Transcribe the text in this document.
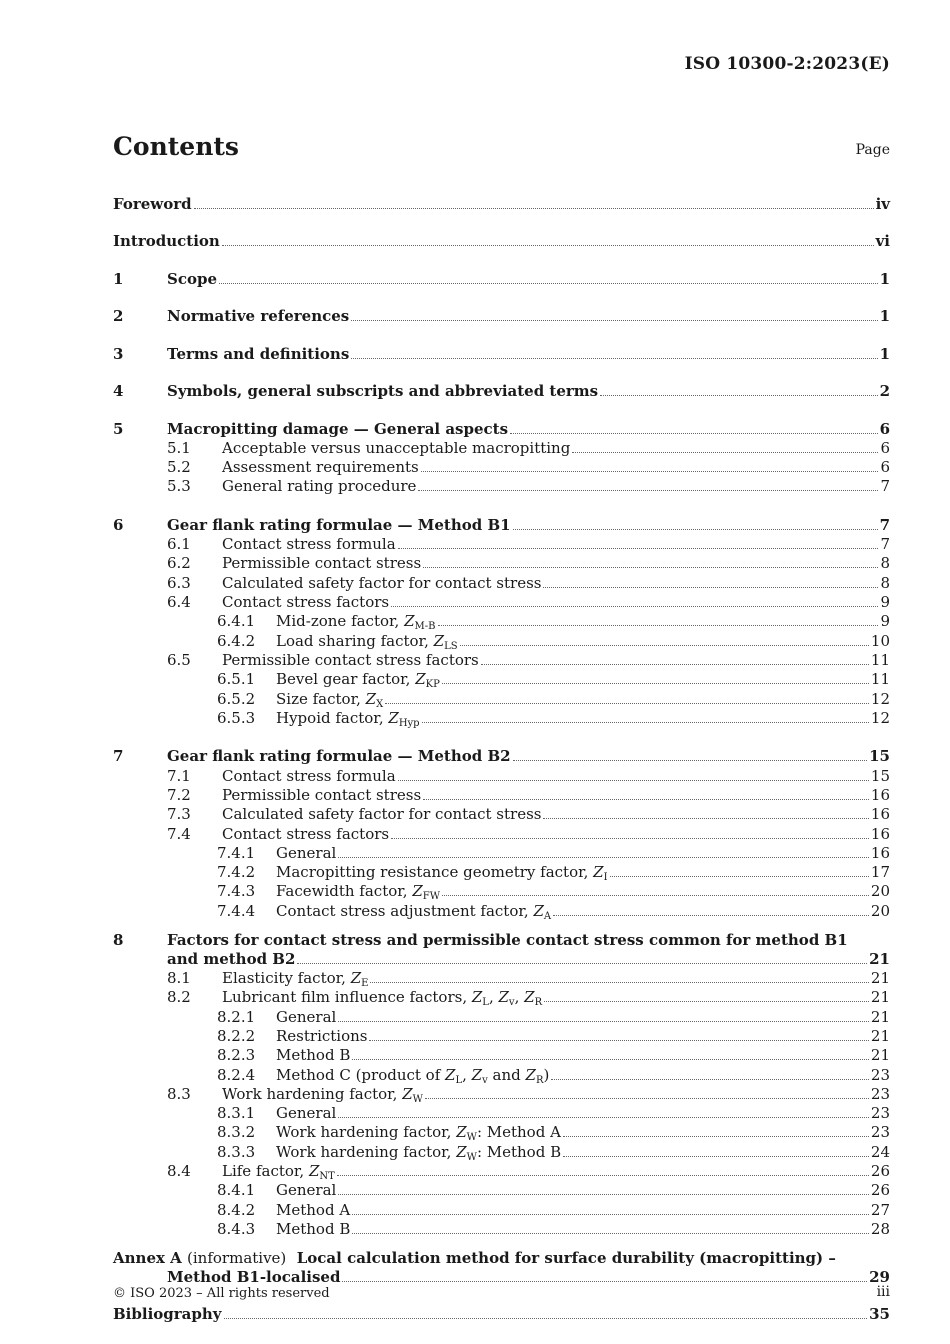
ISO 10300-2:2023(E)
Contents	Page
Foreword	iv
Introduction	vi
1	Scope	1
2	Normative references	1
3	Terms and definitions	1
4	Symbols, general subscripts and abbreviated terms	2
5	Macropitting damage — General aspects	6
5.1	Acceptable versus unacceptable macropitting	6
5.2	Assessment requirements	6
5.3	General rating procedure	7
6	Gear flank rating formulae — Method B1	7
6.1	Contact stress formula	7
6.2	Permissible contact stress	8
6.3	Calculated safety factor for contact stress	8
6.4	Contact stress factors	9
6.4.1	Mid-zone factor, $Z_{M-B}$	9
6.4.2	Load sharing factor, $Z_{LS}$	10
6.5	Permissible contact stress factors	11
6.5.1	Bevel gear factor, $Z_{KP}$	11
6.5.2	Size factor, $Z_X$	12
6.5.3	Hypoid factor, $Z_{Hyp}$	12
7	Gear flank rating formulae — Method B2	15
7.1	Contact stress formula	15
7.2	Permissible contact stress	16
7.3	Calculated safety factor for contact stress	16
7.4	Contact stress factors	16
7.4.1	General	16
7.4.2	Macropitting resistance geometry factor, $Z_I$	17
7.4.3	Facewidth factor, $Z_{FW}$	20
7.4.4	Contact stress adjustment factor, $Z_A$	20
8	Factors for contact stress and permissible contact stress common for method B1
and method B2	21
8.1	Elasticity factor, $Z_E$	21
8.2	Lubricant film influence factors, $Z_L$, $Z_v$, $Z_R$	21
8.2.1	General	21
8.2.2	Restrictions	21
8.2.3	Method B	21
8.2.4	Method C (product of $Z_L$, $Z_v$ and $Z_R$)	23
8.3	Work hardening factor, $Z_W$	23
8.3.1	General	23
8.3.2	Work hardening factor, $Z_W$: Method A	23
8.3.3	Work hardening factor, $Z_W$: Method B	24
8.4	Life factor, $Z_{NT}$	26
8.4.1	General	26
8.4.2	Method A	27
8.4.3	Method B	28
Annex A (informative)  Local calculation method for surface durability (macropitting) –
Method B1-localised	29
Bibliography	35
© ISO 2023 – All rights reserved	iii
